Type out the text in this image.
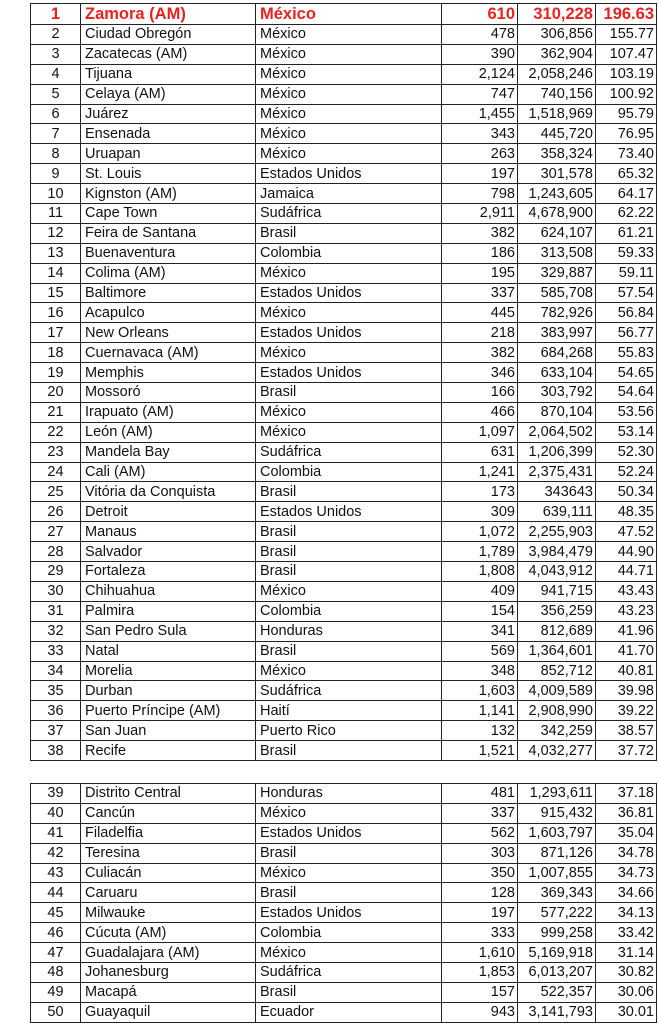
1	Zamora (AM)	México	610	310,228	196.63
2	Ciudad Obregón	México	478	306,856	155.77
3	Zacatecas (AM)	México	390	362,904	107.47
4	Tijuana	México	2,124	2,058,246	103.19
5	Celaya (AM)	México	747	740,156	100.92
6	Juárez	México	1,455	1,518,969	95.79
7	Ensenada	México	343	445,720	76.95
8	Uruapan	México	263	358,324	73.40
9	St. Louis	Estados Unidos	197	301,578	65.32
10	Kignston (AM)	Jamaica	798	1,243,605	64.17
11	Cape Town	Sudáfrica	2,911	4,678,900	62.22
12	Feira de Santana	Brasil	382	624,107	61.21
13	Buenaventura	Colombia	186	313,508	59.33
14	Colima (AM)	México	195	329,887	59.11
15	Baltimore	Estados Unidos	337	585,708	57.54
16	Acapulco	México	445	782,926	56.84
17	New Orleans	Estados Unidos	218	383,997	56.77
18	Cuernavaca (AM)	México	382	684,268	55.83
19	Memphis	Estados Unidos	346	633,104	54.65
20	Mossoró	Brasil	166	303,792	54.64
21	Irapuato (AM)	México	466	870,104	53.56
22	León (AM)	México	1,097	2,064,502	53.14
23	Mandela Bay	Sudáfrica	631	1,206,399	52.30
24	Cali (AM)	Colombia	1,241	2,375,431	52.24
25	Vitória da Conquista	Brasil	173	343643	50.34
26	Detroit	Estados Unidos	309	639,111	48.35
27	Manaus	Brasil	1,072	2,255,903	47.52
28	Salvador	Brasil	1,789	3,984,479	44.90
29	Fortaleza	Brasil	1,808	4,043,912	44.71
30	Chihuahua	México	409	941,715	43.43
31	Palmira	Colombia	154	356,259	43.23
32	San Pedro Sula	Honduras	341	812,689	41.96
33	Natal	Brasil	569	1,364,601	41.70
34	Morelia	México	348	852,712	40.81
35	Durban	Sudáfrica	1,603	4,009,589	39.98
36	Puerto Príncipe (AM)	Haití	1,141	2,908,990	39.22
37	San Juan	Puerto Rico	132	342,259	38.57
38	Recife	Brasil	1,521	4,032,277	37.72
39	Distrito Central	Honduras	481	1,293,611	37.18
40	Cancún	México	337	915,432	36.81
41	Filadelfia	Estados Unidos	562	1,603,797	35.04
42	Teresina	Brasil	303	871,126	34.78
43	Culiacán	México	350	1,007,855	34.73
44	Caruaru	Brasil	128	369,343	34.66
45	Milwauke	Estados Unidos	197	577,222	34.13
46	Cúcuta (AM)	Colombia	333	999,258	33.42
47	Guadalajara (AM)	México	1,610	5,169,918	31.14
48	Johanesburg	Sudáfrica	1,853	6,013,207	30.82
49	Macapá	Brasil	157	522,357	30.06
50	Guayaquil	Ecuador	943	3,141,793	30.01
